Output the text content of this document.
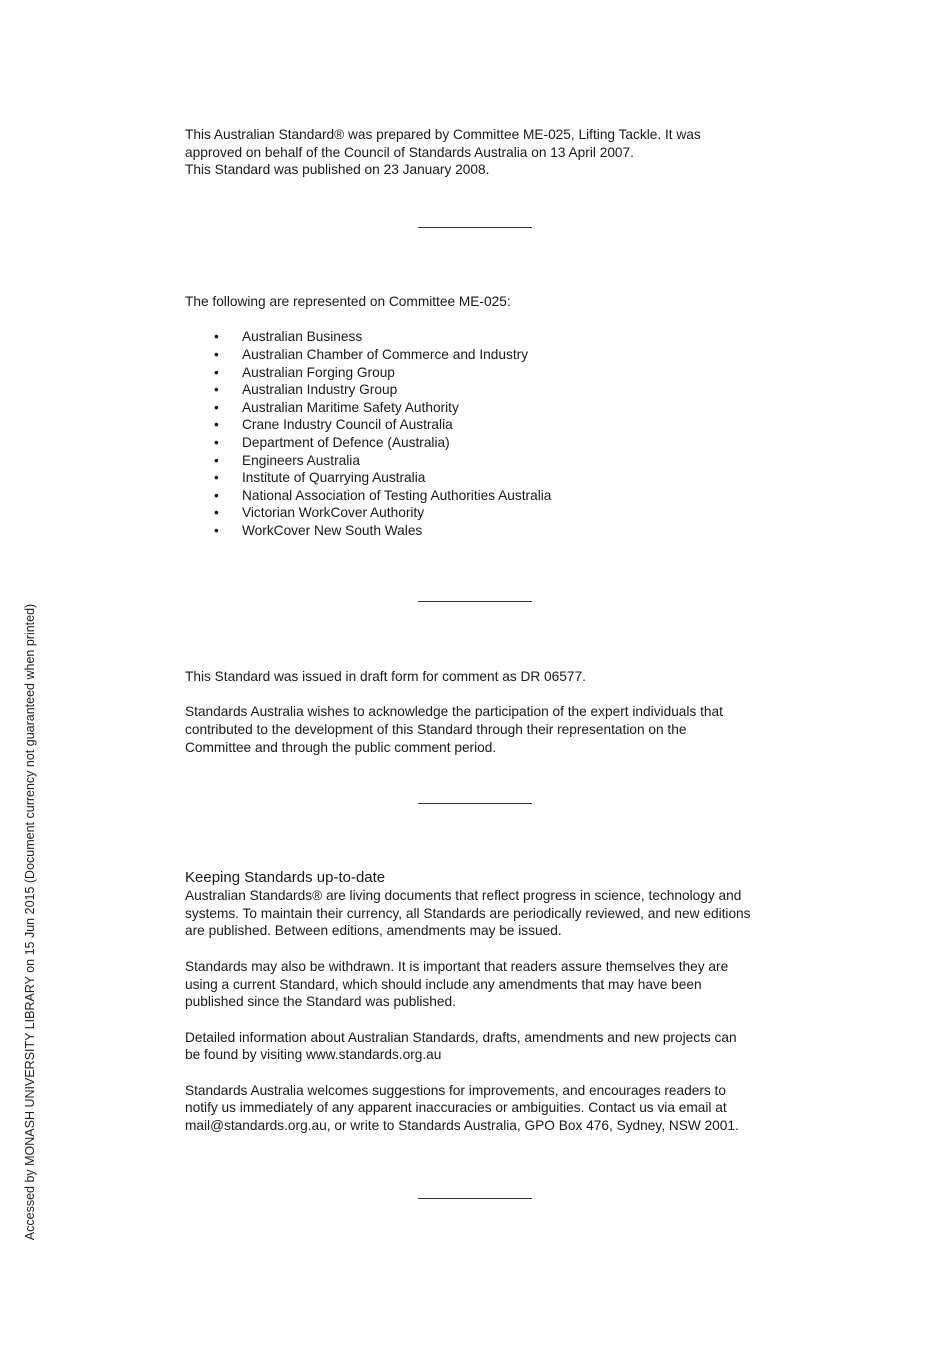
Accessed by MONASH UNIVERSITY LIBRARY on 15 Jun 2015 (Document currency not guaranteed when printed)

This Australian Standard® was prepared by Committee ME-025, Lifting Tackle. It was

approved on behalf of the Council of Standards Australia on 13 April 2007.

This Standard was published on 23 January 2008.

The following are represented on Committee ME-025:

• Australian Business
• Australian Chamber of Commerce and Industry
• Australian Forging Group
• Australian Industry Group
• Australian Maritime Safety Authority
• Crane Industry Council of Australia
• Department of Defence (Australia)
• Engineers Australia
• Institute of Quarrying Australia
• National Association of Testing Authorities Australia
• Victorian WorkCover Authority
• WorkCover New South Wales

This Standard was issued in draft form for comment as DR 06577.

Standards Australia wishes to acknowledge the participation of the expert individuals that

contributed to the development of this Standard through their representation on the

Committee and through the public comment period.

Keeping Standards up-to-date

Australian Standards® are living documents that reflect progress in science, technology and

systems. To maintain their currency, all Standards are periodically reviewed, and new editions

are published. Between editions, amendments may be issued.

Standards may also be withdrawn. It is important that readers assure themselves they are

using a current Standard, which should include any amendments that may have been

published since the Standard was published.

Detailed information about Australian Standards, drafts, amendments and new projects can

be found by visiting www.standards.org.au

Standards Australia welcomes suggestions for improvements, and encourages readers to

notify us immediately of any apparent inaccuracies or ambiguities. Contact us via email at

mail@standards.org.au, or write to Standards Australia, GPO Box 476, Sydney, NSW 2001.
